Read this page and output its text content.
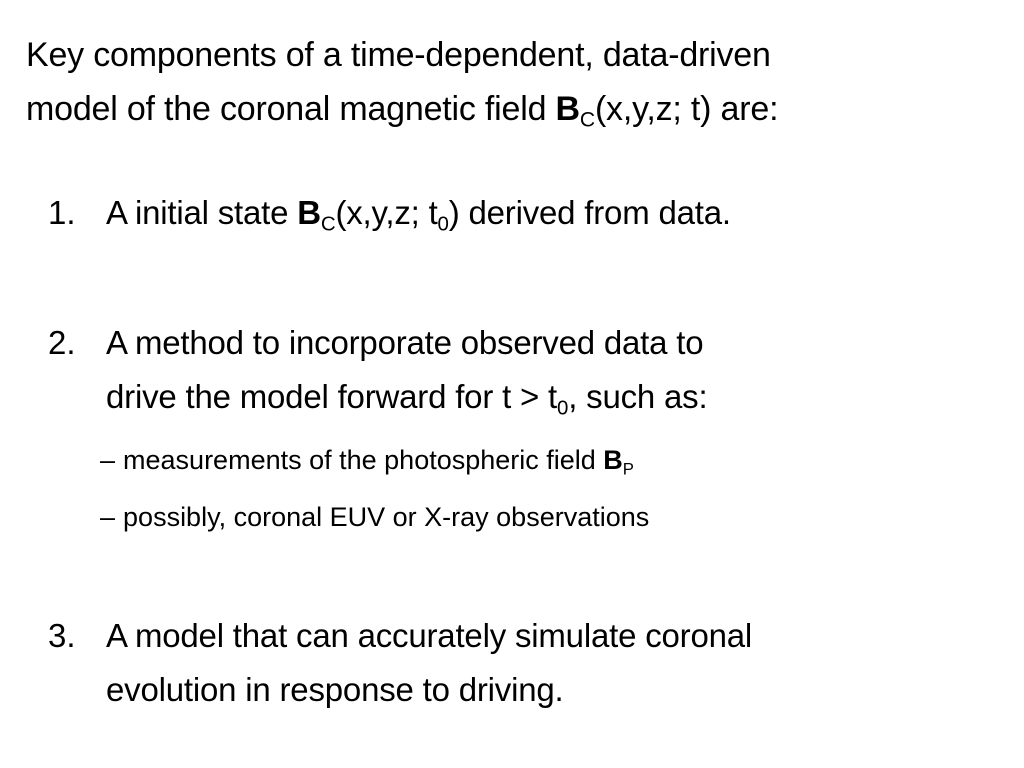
Key components of a time-dependent, data-driven
model of the coronal magnetic field $B_C(x,y,z$; t) are:
1. A initial state $B_C(x,y,z$; $t_0$) derived from data.
2. A method to incorporate observed data to
drive the model forward for $t > t_0$, such as:
– measurements of the photospheric field $B_P$
– possibly, coronal EUV or X-ray observations
3. A model that can accurately simulate coronal
evolution in response to driving.
